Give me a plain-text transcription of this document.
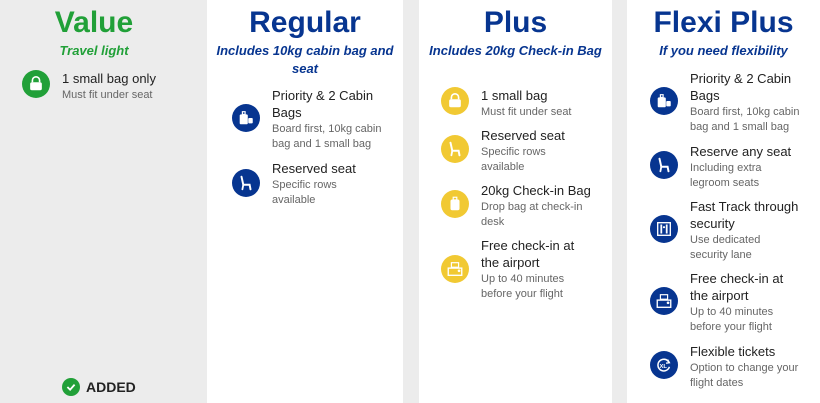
Value
Travel light
1 small bag only
Must fit under seat
ADDED
Regular
Includes 10kg cabin bag and seat
Priority & 2 Cabin Bags
Board first, 10kg cabin bag and 1 small bag
Reserved seat
Specific rows available
Plus
Includes 20kg Check-in Bag
1 small bag
Must fit under seat
Reserved seat
Specific rows available
20kg Check-in Bag
Drop bag at check-in desk
Free check-in at the airport
Up to 40 minutes before your flight
Flexi Plus
If you need flexibility
Priority & 2 Cabin Bags
Board first, 10kg cabin bag and 1 small bag
Reserve any seat
Including extra legroom seats
Fast Track through security
Use dedicated security lane
Free check-in at the airport
Up to 40 minutes before your flight
XL
Flexible tickets
Option to change your flight dates
